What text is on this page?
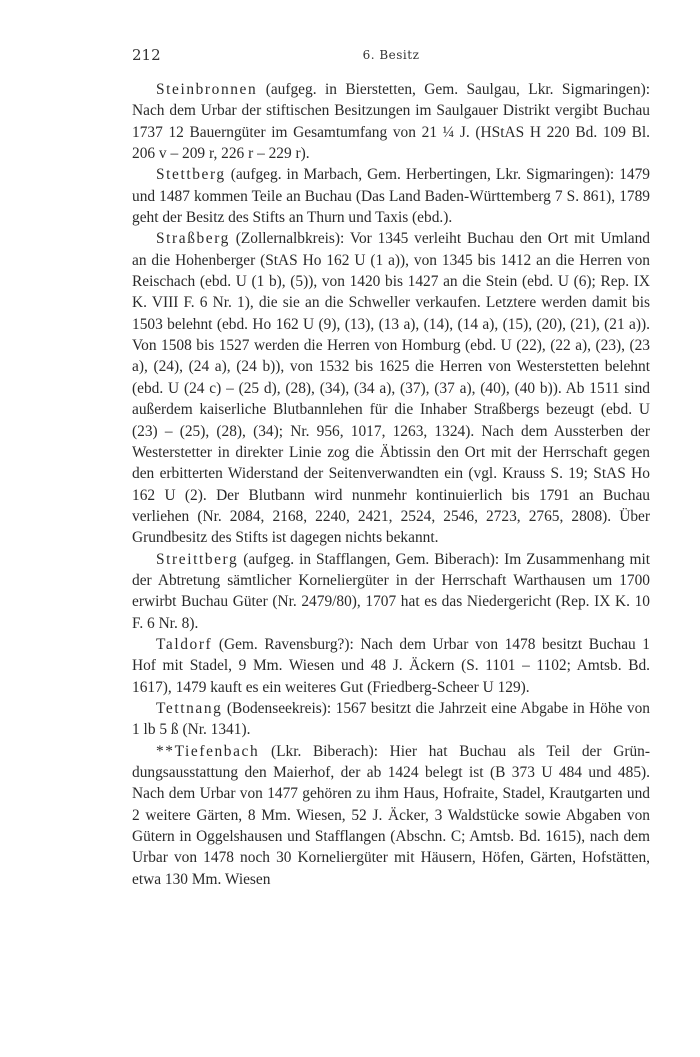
212	6. Besitz

Steinbronnen (aufgeg. in Bierstetten, Gem. Saulgau, Lkr. Sigmaringen): Nach dem Urbar der stiftischen Besitzungen im Saulgauer Distrikt vergibt Buchau 1737 12 Bauerngüter im Gesamtumfang von 21 ¼ J. (HStAS H 220 Bd. 109 Bl. 206 v – 209 r, 226 r – 229 r).

Stettberg (aufgeg. in Marbach, Gem. Herbertingen, Lkr. Sigmaringen): 1479 und 1487 kommen Teile an Buchau (Das Land Baden-Württemberg 7 S. 861), 1789 geht der Besitz des Stifts an Thurn und Taxis (ebd.).

Straßberg (Zollernalbkreis): Vor 1345 verleiht Buchau den Ort mit Umland an die Hohenberger (StAS Ho 162 U (1 a)), von 1345 bis 1412 an die Herren von Reischach (ebd. U (1 b), (5)), von 1420 bis 1427 an die Stein (ebd. U (6); Rep. IX K. VIII F. 6 Nr. 1), die sie an die Schweller verkaufen. Letztere werden damit bis 1503 belehnt (ebd. Ho 162 U (9), (13), (13 a), (14), (14 a), (15), (20), (21), (21 a)). Von 1508 bis 1527 werden die Herren von Homburg (ebd. U (22), (22 a), (23), (23 a), (24), (24 a), (24 b)), von 1532 bis 1625 die Herren von Westerstetten belehnt (ebd. U (24 c) – (25 d), (28), (34), (34 a), (37), (37 a), (40), (40 b)). Ab 1511 sind außerdem kaiserliche Blutbannlehen für die Inhaber Straßbergs bezeugt (ebd. U (23) – (25), (28), (34); Nr. 956, 1017, 1263, 1324). Nach dem Aussterben der Westerstetter in direkter Linie zog die Äbtissin den Ort mit der Herrschaft gegen den erbitterten Widerstand der Seitenverwandten ein (vgl. Krauss S. 19; StAS Ho 162 U (2). Der Blutbann wird nunmehr kontinuierlich bis 1791 an Buchau verliehen (Nr. 2084, 2168, 2240, 2421, 2524, 2546, 2723, 2765, 2808). Über Grundbesitz des Stifts ist dagegen nichts bekannt.

Streittberg (aufgeg. in Stafflangen, Gem. Biberach): Im Zusammenhang mit der Abtretung sämtlicher Korneliergüter in der Herrschaft Warthausen um 1700 erwirbt Buchau Güter (Nr. 2479/80), 1707 hat es das Niedergericht (Rep. IX K. 10 F. 6 Nr. 8).

Taldorf (Gem. Ravensburg?): Nach dem Urbar von 1478 besitzt Buchau 1 Hof mit Stadel, 9 Mm. Wiesen und 48 J. Äckern (S. 1101 – 1102; Amtsb. Bd. 1617), 1479 kauft es ein weiteres Gut (Friedberg-Scheer U 129).

Tettnang (Bodenseekreis): 1567 besitzt die Jahrzeit eine Abgabe in Höhe von 1 lb 5 ß (Nr. 1341).

**Tiefenbach (Lkr. Biberach): Hier hat Buchau als Teil der Gründungsausstattung den Maierhof, der ab 1424 belegt ist (B 373 U 484 und 485). Nach dem Urbar von 1477 gehören zu ihm Haus, Hofraite, Stadel, Krautgarten und 2 weitere Gärten, 8 Mm. Wiesen, 52 J. Äcker, 3 Waldstücke sowie Abgaben von Gütern in Oggelshausen und Stafflangen (Abschn. C; Amtsb. Bd. 1615), nach dem Urbar von 1478 noch 30 Korneliergüter mit Häusern, Höfen, Gärten, Hofstätten, etwa 130 Mm. Wiesen
